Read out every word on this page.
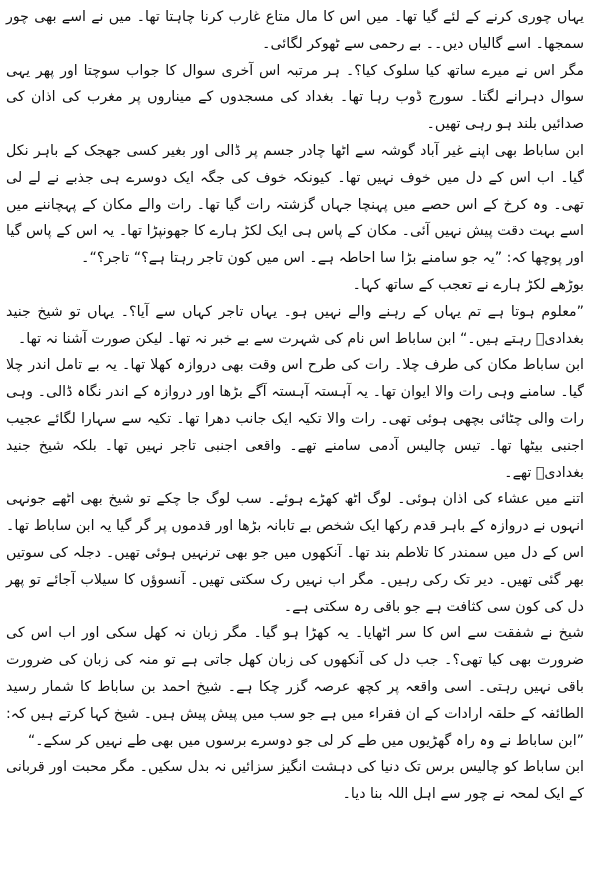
یہاں چوری کرنے کے لئے گیا تھا۔ میں اس کا مال متاع غارب کرنا چاہتا تھا۔ میں نے اسے بھی چور سمجھا۔ اسے گالیاں دیں۔۔ بے رحمی سے ٹھوکر لگائی۔

مگر اس نے میرے ساتھ کیا سلوک کیا؟۔ ہر مرتبہ اس آخری سوال کا جواب سوچتا اور پھر یہی سوال دہرانے لگتا۔ سورج ڈوب رہا تھا۔ بغداد کی مسجدوں کے میناروں پر مغرب کی اذان کی صدائیں بلند ہو رہی تھیں۔

ابن ساباط بھی اپنے غیر آباد گوشہ سے اٹھا چادر جسم پر ڈالی اور بغیر کسی جھجک کے باہر نکل گیا۔ اب اس کے دل میں خوف نہیں تھا۔ کیونکہ خوف کی جگہ ایک دوسرے ہی جذبے نے لے لی تھی۔ وہ کرخ کے اس حصے میں پہنچا جہاں گزشتہ رات گیا تھا۔ رات والے مکان کے پہچاننے میں اسے بہت دقت پیش نہیں آئی۔ مکان کے پاس ہی ایک لکڑ ہارے کا جھونپڑا تھا۔ یہ اس کے پاس گیا اور پوچھا کہ: ”یہ جو سامنے بڑا سا احاطہ ہے۔ اس میں کون تاجر رہتا ہے؟“ تاجر؟“۔

بوڑھے لکڑ ہارے نے تعجب کے ساتھ کہا۔

”معلوم ہوتا ہے تم یہاں کے رہنے والے نہیں ہو۔ یہاں تاجر کہاں سے آیا؟۔ یہاں تو شیخ جنید بغدادیؒ رہتے ہیں۔“ ابن ساباط اس نام کی شہرت سے بے خبر نہ تھا۔ لیکن صورت آشنا نہ تھا۔

ابن ساباط مکان کی طرف چلا۔ رات کی طرح اس وقت بھی دروازہ کھلا تھا۔ یہ بے تامل اندر چلا گیا۔ سامنے وہی رات والا ایوان تھا۔ یہ آہستہ آہستہ آگے بڑھا اور دروازہ کے اندر نگاہ ڈالی۔ وہی رات والی چٹائی بچھی ہوئی تھی۔ رات والا تکیہ ایک جانب دھرا تھا۔ تکیہ سے سہارا لگائے عجیب اجنبی بیٹھا تھا۔ تیس چالیس آدمی سامنے تھے۔ واقعی اجنبی تاجر نہیں تھا۔ بلکہ شیخ جنید بغدادیؒ تھے۔

اتنے میں عشاء کی اذان ہوئی۔ لوگ اٹھ کھڑے ہوئے۔ سب لوگ جا چکے تو شیخ بھی اٹھے جونہی انہوں نے دروازہ کے باہر قدم رکھا ایک شخص بے تابانہ بڑھا اور قدموں پر گر گیا یہ ابن ساباط تھا۔ اس کے دل میں سمندر کا تلاطم بند تھا۔ آنکھوں میں جو بھی ترنہیں ہوئی تھیں۔ دجلہ کی سوتیں بھر گئی تھیں۔ دیر تک رکی رہیں۔ مگر اب نہیں رک سکتی تھیں۔ آنسوؤں کا سیلاب آجائے تو پھر دل کی کون سی کثافت ہے جو باقی رہ سکتی ہے۔

شیخ نے شفقت سے اس کا سر اٹھایا۔ یہ کھڑا ہو گیا۔ مگر زبان نہ کھل سکی اور اب اس کی ضرورت بھی کیا تھی؟۔ جب دل کی آنکھوں کی زبان کھل جاتی ہے تو منہ کی زبان کی ضرورت باقی نہیں رہتی۔ اسی واقعہ پر کچھ عرصہ گزر چکا ہے۔ شیخ احمد بن ساباط کا شمار رسید الطائفہ کے حلقہ ارادات کے ان فقراء میں ہے جو سب میں پیش پیش ہیں۔ شیخ کہا کرتے ہیں کہ: ”ابن ساباط نے وہ راہ گھڑیوں میں طے کر لی جو دوسرے برسوں میں بھی طے نہیں کر سکے۔“

ابن ساباط کو چالیس برس تک دنیا کی دہشت انگیز سزائیں نہ بدل سکیں۔ مگر محبت اور قربانی کے ایک لمحہ نے چور سے اہل اللہ بنا دیا۔
